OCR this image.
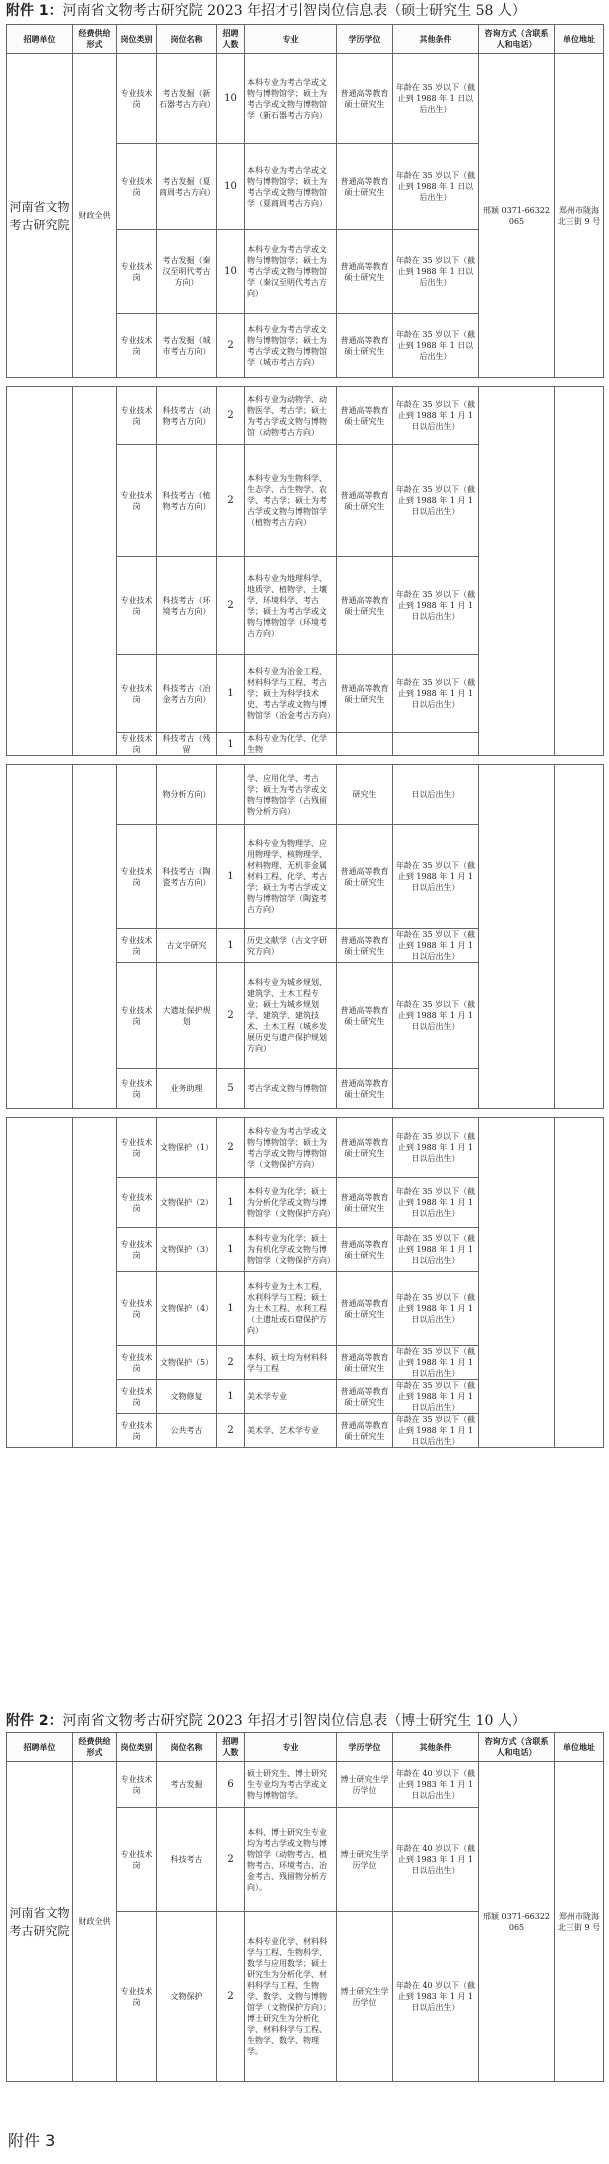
附件 1：河南省文物考古研究院 2023 年招才引智岗位信息表（硕士研究生 58 人）
招聘单位	经费供给形式	岗位类别	岗位名称	招聘人数	专业	学历学位	其他条件	咨询方式（含联系人和电话）	单位地址
河南省文物考古研究院	财政全供	专业技术岗	考古发掘（新石器考古方向）	10	本科专业为考古学或文物与博物馆学；硕士为考古学或文物与博物馆学（新石器考古方向）	普通高等教育硕士研究生	年龄在 35 岁以下（截止到 1988 年 1 日以后出生）	邢颖 0371-66322065	郑州市陇海北三街 9 号
		专业技术岗	考古发掘（夏商周考古方向）	10	本科专业为考古学或文物与博物馆学；硕士为考古学或文物与博物馆学（夏商周考古方向）	普通高等教育硕士研究生	年龄在 35 岁以下（截止到 1988 年 1 日以后出生）		
		专业技术岗	考古发掘（秦汉至明代考古方向）	10	本科专业为考古学或文物与博物馆学；硕士为考古学或文物与博物馆学（秦汉至明代考古方向）	普通高等教育硕士研究生	年龄在 35 岁以下（截止到 1988 年 1 日以后出生）		
		专业技术岗	考古发掘（城市考古方向）	2	本科专业为考古学或文物与博物馆学；硕士为考古学或文物与博物馆学（城市考古方向）	普通高等教育硕士研究生	年龄在 35 岁以下（截止到 1988 年 1 日以后出生）		

		专业技术岗	科技考古（动物考古方向）	2	本科专业为动物学、动物医学、考古学；硕士为考古学或文物与博物馆（动物考古方向）	普通高等教育硕士研究生	年龄在 35 岁以下（截止到 1988 年 1 月 1 日以后出生）		
		专业技术岗	科技考古（植物考古方向）	2	本科专业为生物科学、生态学、古生物学、农学、考古学；硕士为考古学或文物与博物馆学（植物考古方向）	普通高等教育硕士研究生	年龄在 35 岁以下（截止到 1988 年 1 月 1 日以后出生）		
		专业技术岗	科技考古（环境考古方向）	2	本科专业为地理科学、地质学、植物学、土壤学、环境科学、考古学；硕士为考古学或文物与博物馆学（环境考古方向）	普通高等教育硕士研究生	年龄在 35 岁以下（截止到 1988 年 1 月 1 日以后出生）		
		专业技术岗	科技考古（冶金考古方向）	1	本科专业为冶金工程、材料科学与工程、考古学；硕士为科学技术史、考古学或文物与博物馆学（冶金考古方向）	普通高等教育硕士研究生	年龄在 35 岁以下（截止到 1988 年 1 月 1 日以后出生）		
		专业技术岗	科技考古（残留	1	本科专业为化学、化学生物				

			物分析方向）		学、应用化学、考古学；硕士为考古学或文物与博物馆学（古残留物分析方向）	研究生	日以后出生）		
		专业技术岗	科技考古（陶瓷考古方向）	1	本科专业为物理学、应用物理学、核物理学、材料物理、无机非金属材料工程、化学、考古学；硕士为考古学或文物与博物馆学（陶瓷考古方向）	普通高等教育硕士研究生	年龄在 35 岁以下（截止到 1988 年 1 月 1 日以后出生）		
		专业技术岗	古文字研究	1	历史文献学（古文字研究方向）	普通高等教育硕士研究生	年龄在 35 岁以下（截止到 1988 年 1 月 1 日以后出生）		
		专业技术岗	大遗址保护规划	2	本科专业为城乡规划、建筑学、土木工程专业；硕士为城乡规划学、建筑学、建筑技术、土木工程（城乡发展历史与遗产保护规划方向）	普通高等教育硕士研究生	年龄在 35 岁以下（截止到 1988 年 1 月 1 日以后出生）		
		专业技术岗	业务助理	5	考古学或文物与博物馆	普通高等教育硕士研究生			

		专业技术岗	文物保护（1）	2	本科专业为考古学或文物与博物馆学；硕士为考古学或文物与博物馆学（文物保护方向）	普通高等教育硕士研究生	年龄在 35 岁以下（截止到 1988 年 1 月 1 日以后出生）		
		专业技术岗	文物保护（2）	1	本科专业为化学；硕士为分析化学或文物与博物馆学（文物保护方向）	普通高等教育硕士研究生	年龄在 35 岁以下（截止到 1988 年 1 月 1 日以后出生）		
		专业技术岗	文物保护（3）	1	本科专业为化学；硕士为有机化学或文物与博物馆学（文物保护方向）	普通高等教育硕士研究生	年龄在 35 岁以下（截止到 1988 年 1 月 1 日以后出生）		
		专业技术岗	文物保护（4）	1	本科专业为土木工程、水利科学与工程；硕士为土木工程、水利工程（土遗址或石窟保护方向）	普通高等教育硕士研究生	年龄在 35 岁以下（截止到 1988 年 1 月 1 日以后出生）		
		专业技术岗	文物保护（5）	2	本科、硕士均为材料科学与工程	普通高等教育硕士研究生	年龄在 35 岁以下（截止到 1988 年 1 月 1 日以后出生）		
		专业技术岗	文物修复	1	美术学专业	普通高等教育硕士研究生	年龄在 35 岁以下（截止到 1988 年 1 月 1 日以后出生）		
		专业技术岗	公共考古	2	美术学、艺术学专业	普通高等教育硕士研究生	年龄在 35 岁以下（截止到 1988 年 1 月 1 日以后出生）		
附件 2：河南省文物考古研究院 2023 年招才引智岗位信息表（博士研究生 10 人）
招聘单位	经费供给形式	岗位类别	岗位名称	招聘人数	专业	学历学位	其他条件	咨询方式（含联系人和电话）	单位地址
河南省文物考古研究院	财政全供	专业技术岗	考古发掘	6	硕士研究生、博士研究生专业均为考古学或文物与博物馆学。	博士研究生学历学位	年龄在 40 岁以下（截止到 1983 年 1 月 1 日以后出生）	邢颖 0371-66322065	郑州市陇海北三街 9 号
		专业技术岗	科技考古	2	本科、博士研究生专业均为考古学或文物与博物馆学（动物考古、植物考古、环境考古、冶金考古、残留物分析方向）。	博士研究生学历学位	年龄在 40 岁以下（截止到 1983 年 1 月 1 日以后出生）		
		专业技术岗	文物保护	2	本科专业化学、材料科学与工程、生物科学、数学与应用数学；硕士研究生为分析化学、材料科学与工程、生物学、数学、文物与博物馆学（文物保护方向）；博士研究生为分析化学、材料科学与工程、生物学、数学、物理学。	博士研究生学历学位	年龄在 40 岁以下（截止到 1983 年 1 月 1 日以后出生）		
附件 3
